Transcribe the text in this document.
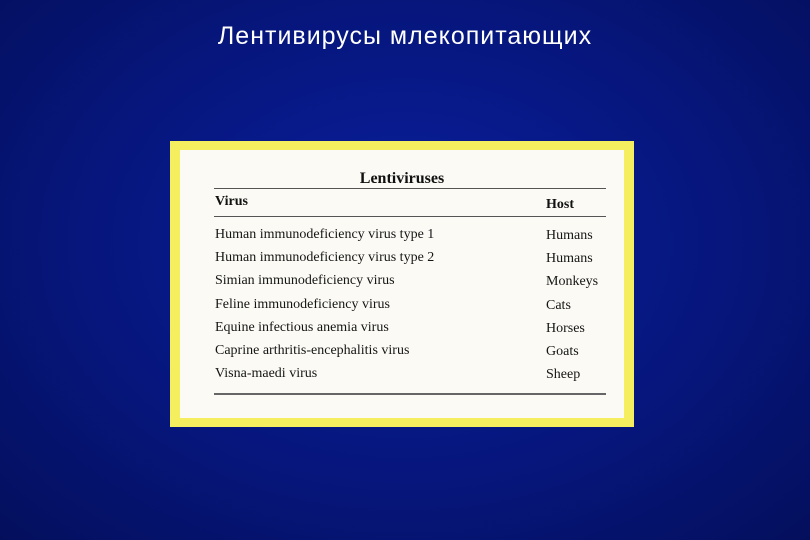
Лентивирусы млекопитающих
Lentiviruses
Virus	Host
Human immunodeficiency virus type 1	Humans
Human immunodeficiency virus type 2	Humans
Simian immunodeficiency virus	Monkeys
Feline immunodeficiency virus	Cats
Equine infectious anemia virus	Horses
Caprine arthritis-encephalitis virus	Goats
Visna-maedi virus	Sheep
